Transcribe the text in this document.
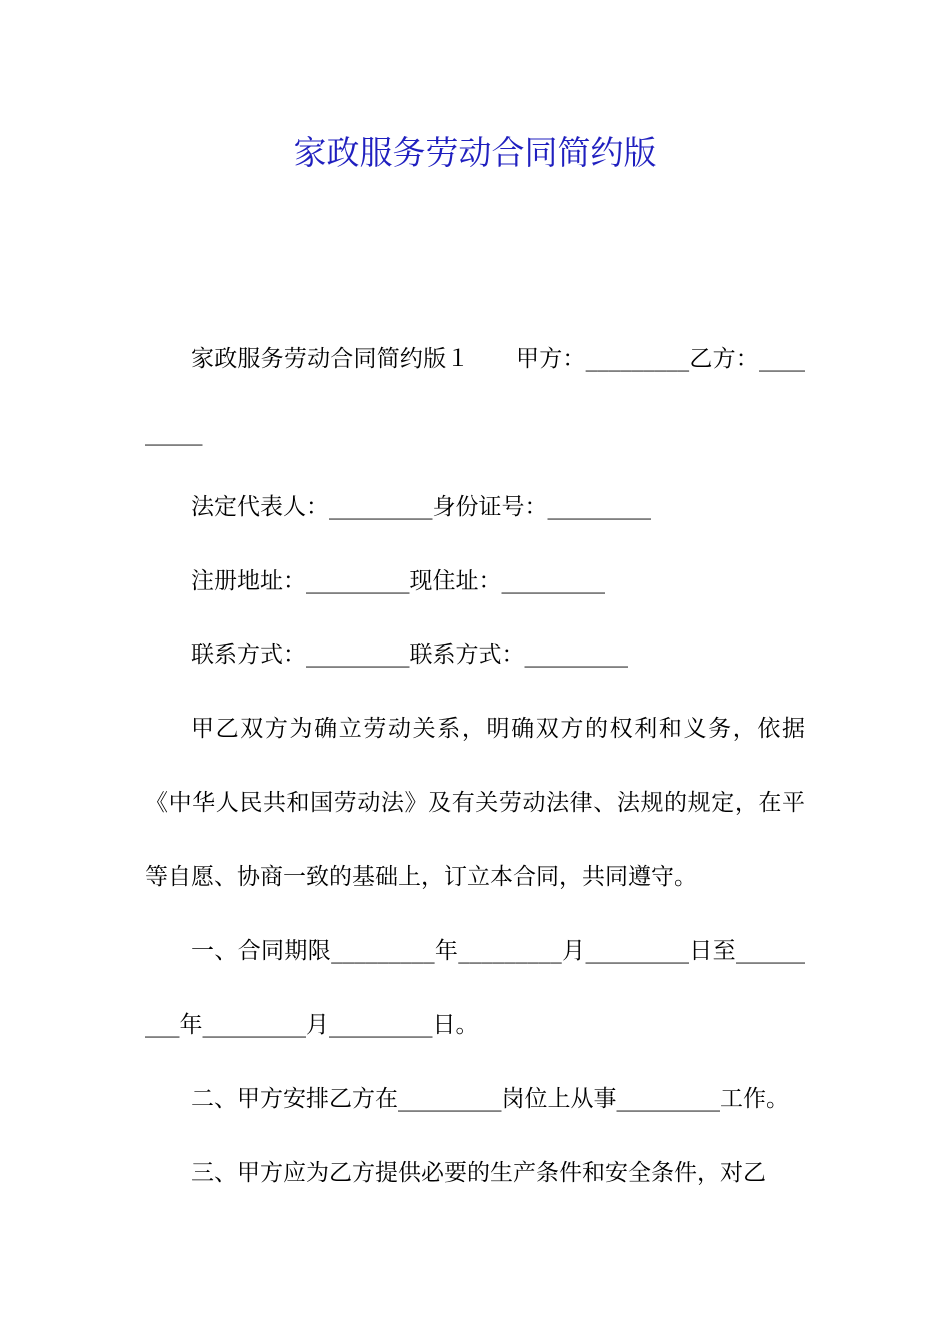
家政服务劳动合同简约版

家政服务劳动合同简约版１　　甲方：_________乙方：_________

法定代表人：_________身份证号：_________

注册地址：_________现住址：_________

联系方式：_________联系方式：_________

甲乙双方为确立劳动关系，明确双方的权利和义务，依据《中华人民共和国劳动法》及有关劳动法律、法规的规定，在平等自愿、协商一致的基础上，订立本合同，共同遵守。

一、合同期限_________年_________月_________日至_________年_________月_________日。

二、甲方安排乙方在_________岗位上从事_________工作。

三、甲方应为乙方提供必要的生产条件和安全条件，对乙
